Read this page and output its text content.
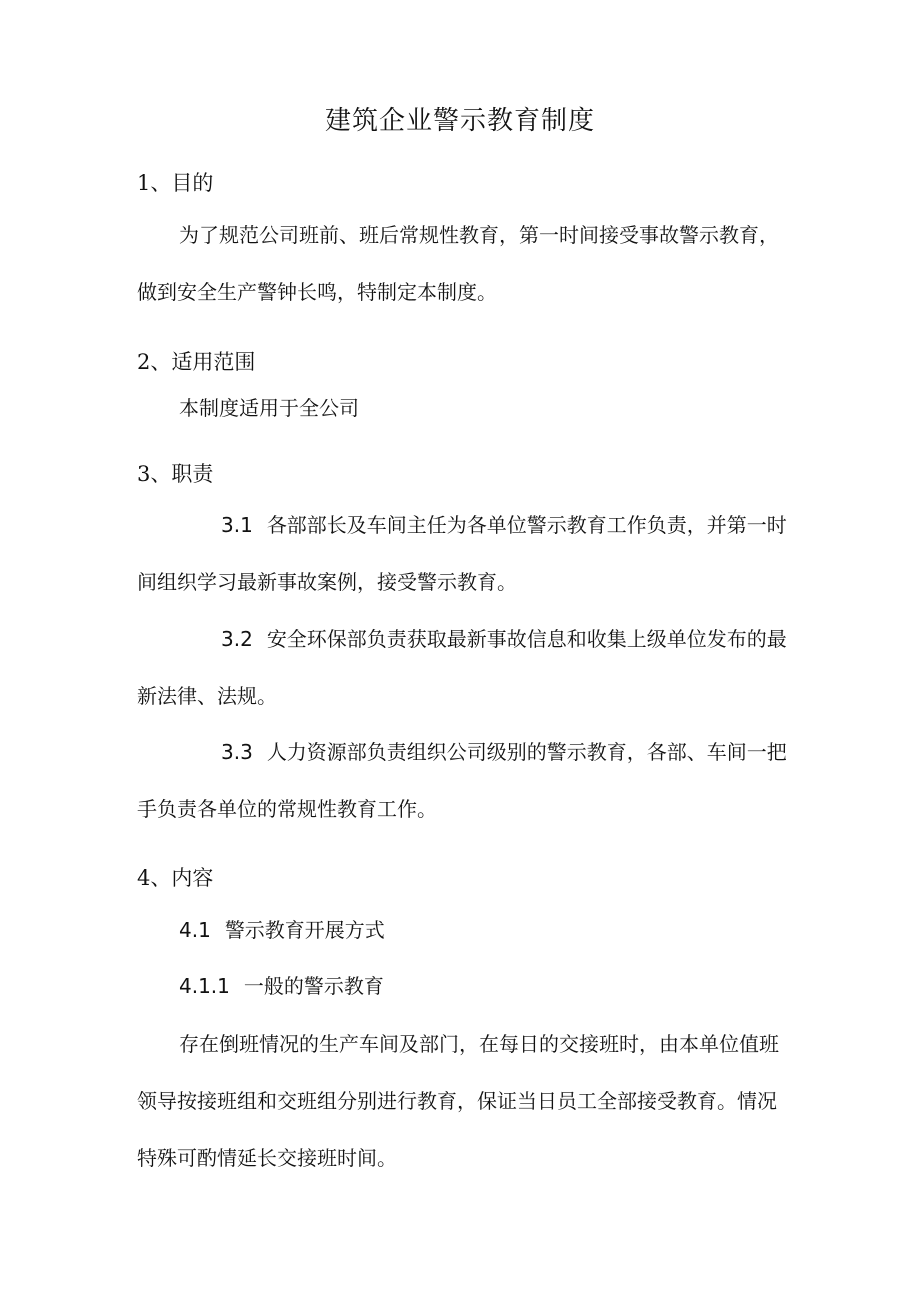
建筑企业警示教育制度
1、目的

为了规范公司班前、班后常规性教育，第一时间接受事故警示教育，做到安全生产警钟长鸣，特制定本制度。

2、适用范围
本制度适用于全公司
3、职责

3.1 各部部长及车间主任为各单位警示教育工作负责，并第一时间组织学习最新事故案例，接受警示教育。

3.2 安全环保部负责获取最新事故信息和收集上级单位发布的最新法律、法规。

3.3 人力资源部负责组织公司级别的警示教育，各部、车间一把手负责各单位的常规性教育工作。

4、内容
4.1 警示教育开展方式
4.1.1 一般的警示教育

存在倒班情况的生产车间及部门，在每日的交接班时，由本单位值班领导按接班组和交班组分别进行教育，保证当日员工全部接受教育。情况特殊可酌情延长交接班时间。
